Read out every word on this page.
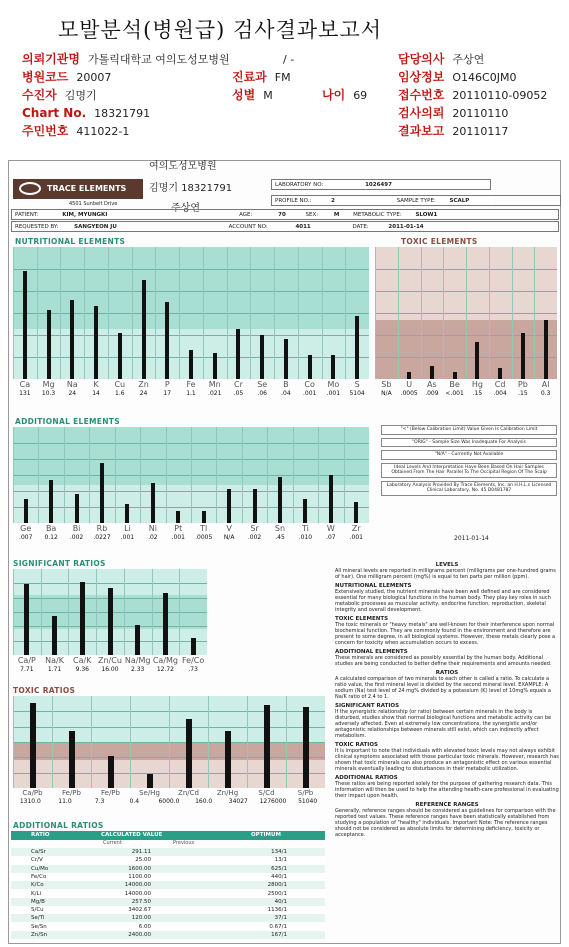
모발분석(병원급) 검사결과보고서
의뢰기관명 가톨릭대학교 여의도성모병원	/ -	담당의사 주상연
병원코드 20007	진료과 FM	임상정보 O146C0JM0
수진자 김명기	성별 M	나이 69	접수번호 20110110-09052
Chart No. 18321791	검사의뢰 20110110
주민번호 411022-1	결과보고 20110117
TRACE ELEMENTS
4501 Sunbelt Drive
여의도성모병원
김명기 18321791
주상연
LABORATORY NO:	1026497
PROFILE NO.:	2	SAMPLE TYPE:	SCALP
PATIENT:	KIM, MYUNGKI	AGE:	70	SEX:	M	METABOLIC TYPE:	SLOW1
REQUESTED BY:	SANGYEON JU	ACCOUNT NO:	4011	DATE:	2011-01-14
NUTRITIONAL ELEMENTS
Ca	Mg	Na	K	Cu	Zn	P	Fe	Mn	Cr	Se	B	Co	Mo	S
131	10.3	24	14	1.6	24	17	1.1	.021	.05	.06	.04	.001	.001	5104
TOXIC ELEMENTS
Sb	U	As	Be	Hg	Cd	Pb	Al
N/A	.0005	.009	<.001	.15	.004	.15	0.3
ADDITIONAL ELEMENTS
Ge	Ba	Bi	Rb	Li	Ni	Pt	Tl	V	Sr	Sn	Ti	W	Zr
.007	0.12	.002	.0227	.001	.02	.001	.0005	N/A	.002	.45	.010	.07	.001
"<" (Below Calibration Limit) Value Given Is Calibration Limit
"ORIG" - Sample Size Was Inadequate For Analysis
"N/A" - Currently Not Available
Ideal Levels And Interpretation Have Been Based On Hair Samples Obtained From The Hair Parallel To The Occipital Region Of The Scalp
Laboratory Analysis Provided By Trace Elements, Inc. an H.H.L.s Licensed Clinical Laboratory, No. 45 D0481787
2011-01-14
SIGNIFICANT RATIOS
Ca/P	Na/K	Ca/K Zn/Cu Na/Mg Ca/Mg Fe/Co
7.71	1.71	9.36	16.00	2.33	12.72	.73
TOXIC RATIOS
Ca/Pb	Fe/Pb	Fe/Pb	Se/Hg	Zn/Cd	Zn/Hg	S/Cd	S/Pb
1310.0	11.0	7.3	0.4	6000.0	160.0	34027	1276000	51040
ADDITIONAL RATIOS
RATIO	CALCULATED VALUE	OPTIMUM
Current	Previous
Ca/Sr	291.11	134/1
Cr/V	25.00	13/1
Cu/Mo	1600.00	625/1
Fe/Co	1100.00	440/1
K/Co	14000.00	2800/1
K/Li	14000.00	2500/1
Mg/B	257.50	40/1
S/Cu	3402.67	1136/1
Se/Ti	120.00	37/1
Se/Sn	6.00	0.67/1
Zn/Sn	2400.00	167/1
LEVELS
All mineral levels are reported in milligrams percent (milligrams per one-hundred grams of hair). One milligram percent (mg%) is equal to ten parts per million (ppm).
NUTRITIONAL ELEMENTS
Extensively studied, the nutrient minerals have been well defined and are considered essential for many biological functions in the human body. They play key roles in such metabolic processes as muscular activity, endocrine function, reproduction, skeletal integrity and overall development.
TOXIC ELEMENTS
The toxic minerals or "heavy metals" are well-known for their interference upon normal biochemical function. They are commonly found in the environment and therefore are present to some degree, in all biological systems. However, these metals clearly pose a concern for toxicity when accumulation occurs to excess.
ADDITIONAL ELEMENTS
These minerals are considered as possibly essential by the human body. Additional studies are being conducted to better define their requirements and amounts needed.
RATIOS
A calculated comparison of two minerals to each other is called a ratio. To calculate a ratio value, the first mineral level is divided by the second mineral level. EXAMPLE: A sodium (Na) test level of 24 mg% divided by a potassium (K) level of 10mg% equals a Na/K ratio of 2.4 to 1.
SIGNIFICANT RATIOS
If the synergistic relationship (or ratio) between certain minerals in the body is disturbed, studies show that normal biological functions and metabolic activity can be adversely affected. Even at extremely low concentrations, the synergistic and/or antagonistic relationships between minerals still exist, which can indirectly affect metabolism.
TOXIC RATIOS
It is important to note that individuals with elevated toxic levels may not always exhibit clinical symptoms associated with those particular toxic minerals. However, research has shown that toxic minerals can also produce an antagonistic effect on various essential minerals eventually leading to disturbances in their metabolic utilization.
ADDITIONAL RATIOS
These ratios are being reported solely for the purpose of gathering research data. This information will then be used to help the attending health-care professional in evaluating their impact upon health.
REFERENCE RANGES
Generally, reference ranges should be considered as guidelines for comparison with the reported test values. These reference ranges have been statistically established from studying a population of "healthy" individuals. Important Note: The reference ranges should not be considered as absolute limits for determining deficiency, toxicity or acceptance.
